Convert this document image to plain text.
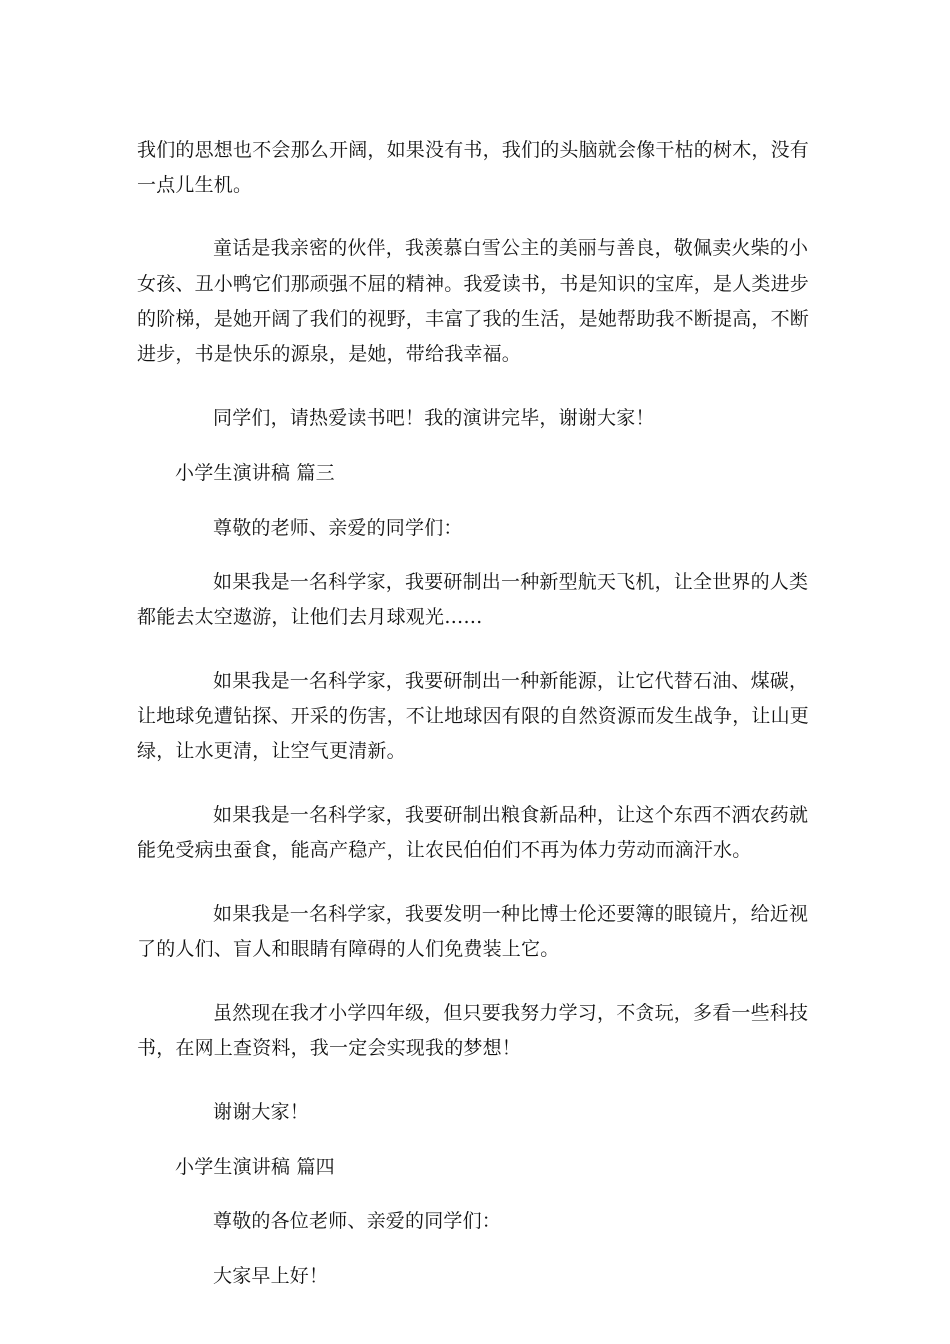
我们的思想也不会那么开阔，如果没有书，我们的头脑就会像干枯的树木，没有
一点儿生机。
童话是我亲密的伙伴，我羡慕白雪公主的美丽与善良，敬佩卖火柴的小
女孩、丑小鸭它们那顽强不屈的精神。我爱读书，书是知识的宝库，是人类进步
的阶梯，是她开阔了我们的视野，丰富了我的生活，是她帮助我不断提高，不断
进步，书是快乐的源泉，是她，带给我幸福。
同学们，请热爱读书吧！我的演讲完毕，谢谢大家！
小学生演讲稿 篇三
尊敬的老师、亲爱的同学们：
如果我是一名科学家，我要研制出一种新型航天飞机，让全世界的人类
都能去太空遨游，让他们去月球观光……
如果我是一名科学家，我要研制出一种新能源，让它代替石油、煤碳，
让地球免遭钻探、开采的伤害，不让地球因有限的自然资源而发生战争，让山更
绿，让水更清，让空气更清新。
如果我是一名科学家，我要研制出粮食新品种，让这个东西不洒农药就
能免受病虫蚕食，能高产稳产，让农民伯伯们不再为体力劳动而滴汗水。
如果我是一名科学家，我要发明一种比博士伦还要簿的眼镜片，给近视
了的人们、盲人和眼睛有障碍的人们免费装上它。
虽然现在我才小学四年级，但只要我努力学习，不贪玩，多看一些科技
书，在网上查资料，我一定会实现我的梦想！
谢谢大家！
小学生演讲稿 篇四
尊敬的各位老师、亲爱的同学们：
大家早上好！
